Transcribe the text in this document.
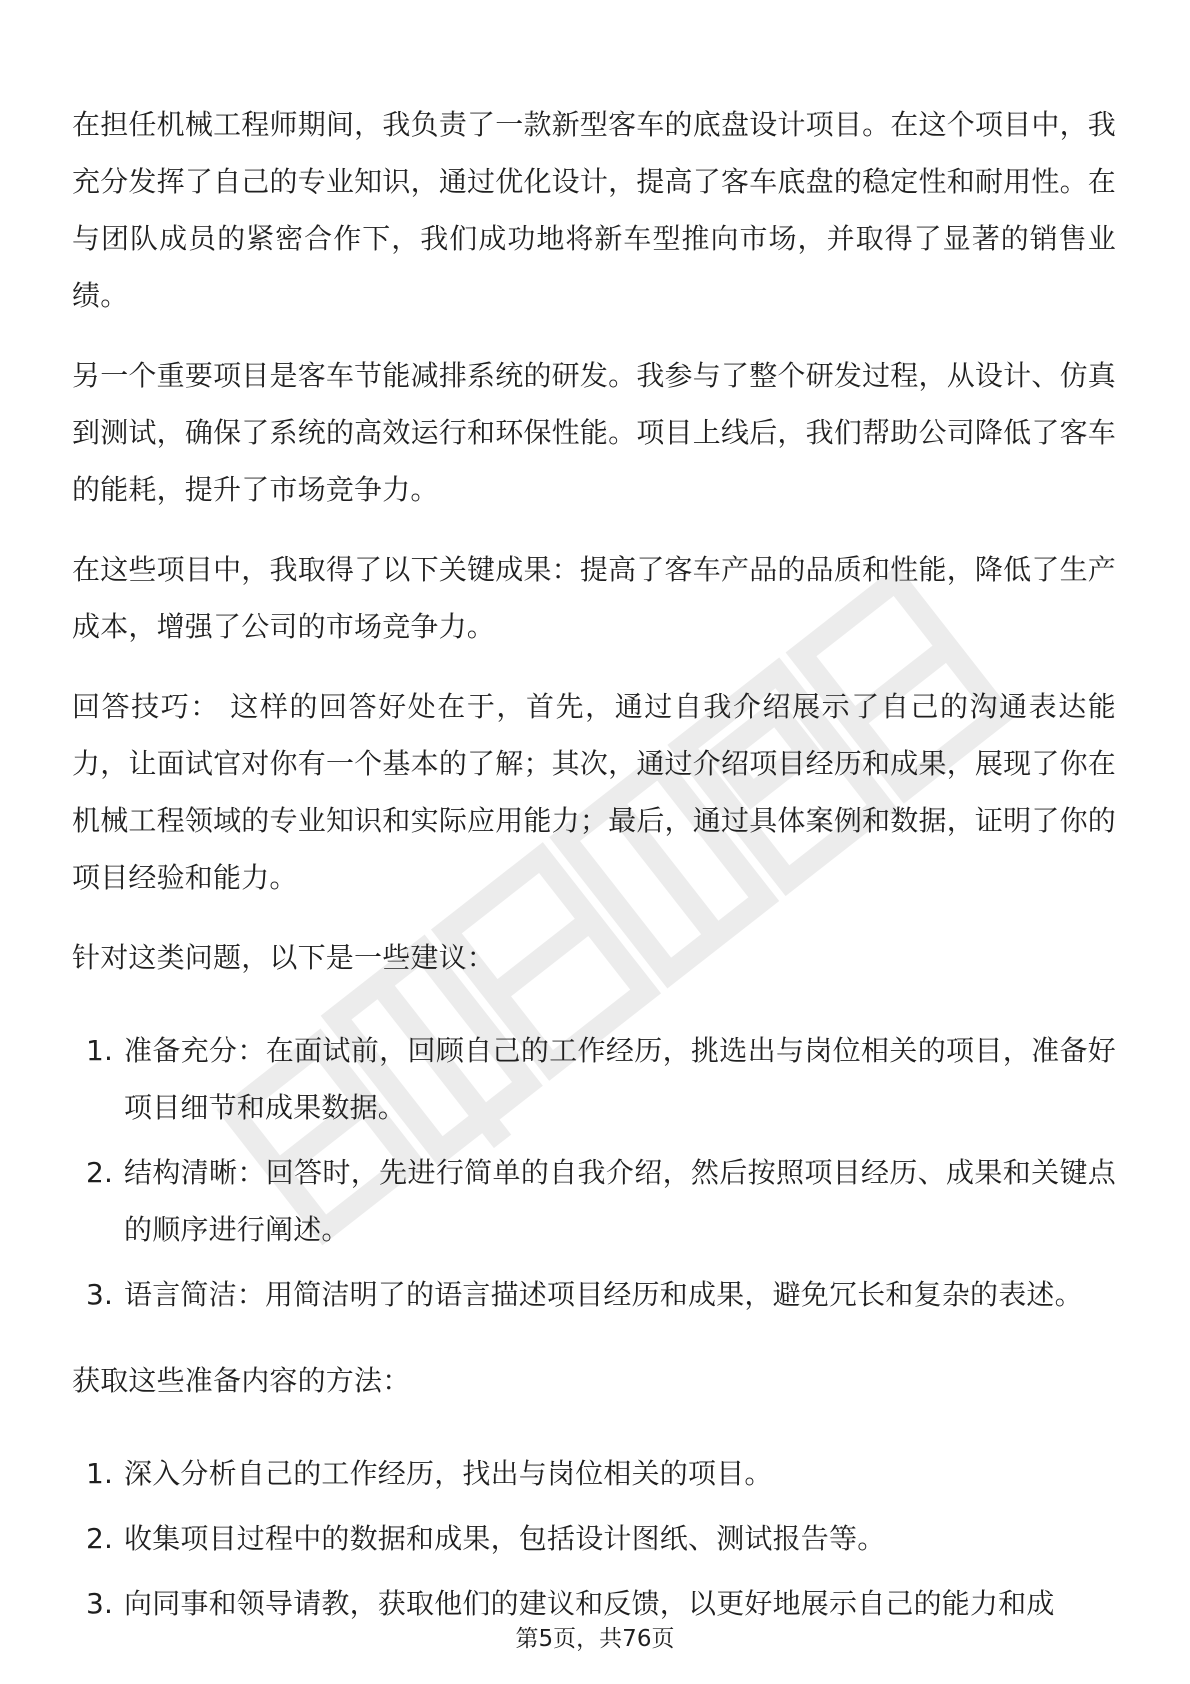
在担任机械工程师期间，我负责了一款新型客车的底盘设计项目。在这个项目中，我充分发挥了自己的专业知识，通过优化设计，提高了客车底盘的稳定性和耐用性。在与团队成员的紧密合作下，我们成功地将新车型推向市场，并取得了显著的销售业绩。

另一个重要项目是客车节能减排系统的研发。我参与了整个研发过程，从设计、仿真到测试，确保了系统的高效运行和环保性能。项目上线后，我们帮助公司降低了客车的能耗，提升了市场竞争力。

在这些项目中，我取得了以下关键成果：提高了客车产品的品质和性能，降低了生产成本，增强了公司的市场竞争力。

回答技巧： 这样的回答好处在于，首先，通过自我介绍展示了自己的沟通表达能力，让面试官对你有一个基本的了解；其次，通过介绍项目经历和成果，展现了你在机械工程领域的专业知识和实际应用能力；最后，通过具体案例和数据，证明了你的项目经验和能力。

针对这类问题，以下是一些建议：

1. 准备充分：在面试前，回顾自己的工作经历，挑选出与岗位相关的项目，准备好项目细节和成果数据。
2. 结构清晰：回答时，先进行简单的自我介绍，然后按照项目经历、成果和关键点的顺序进行阐述。
3. 语言简洁：用简洁明了的语言描述项目经历和成果，避免冗长和复杂的表述。

获取这些准备内容的方法：

1. 深入分析自己的工作经历，找出与岗位相关的项目。
2. 收集项目过程中的数据和成果，包括设计图纸、测试报告等。
3. 向同事和领导请教，获取他们的建议和反馈，以更好地展示自己的能力和成
第5页，共76页
